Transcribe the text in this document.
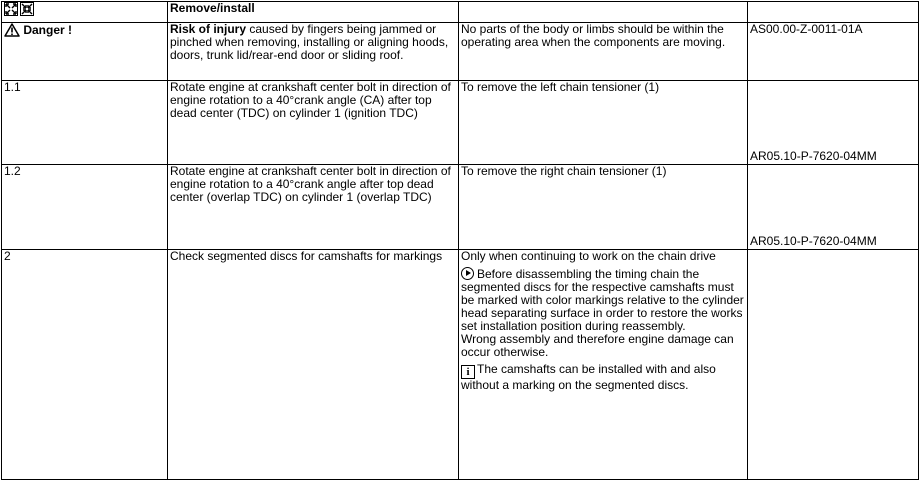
	Remove/install		
Danger !	Risk of injury caused by fingers being jammed or pinched when removing, installing or aligning hoods, doors, trunk lid/rear-end door or sliding roof.	No parts of the body or limbs should be within the operating area when the components are moving.	AS00.00-Z-0011-01A
1.1	Rotate engine at crankshaft center bolt in direction of engine rotation to a 40°crank angle (CA) after top dead center (TDC) on cylinder 1 (ignition TDC)	To remove the left chain tensioner (1)	AR05.10-P-7620-04MM

1.2	Rotate engine at crankshaft center bolt in direction of engine rotation to a 40°crank angle after top dead center (overlap TDC) on cylinder 1 (overlap TDC)	To remove the right chain tensioner (1)	AR05.10-P-7620-04MM

2	Check segmented discs for camshafts for markings	Only when continuing to work on the chain drive

Before disassembling the timing chain the segmented discs for the respective camshafts must be marked with color markings relative to the cylinder head separating surface in order to restore the works set installation position during reassembly.

Wrong assembly and therefore engine damage can occur otherwise.

i The camshafts can be installed with and also without a marking on the segmented discs.	
